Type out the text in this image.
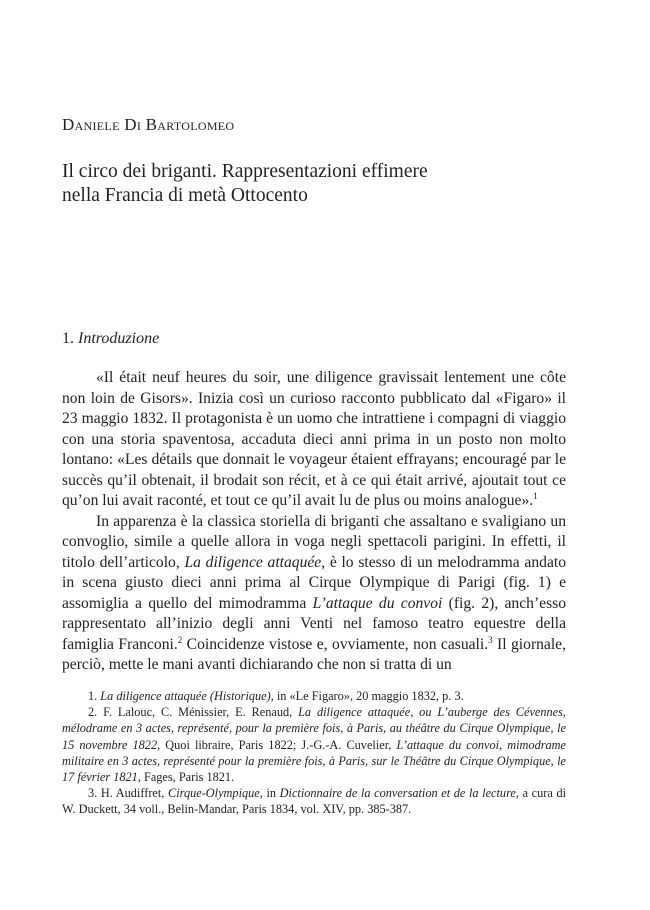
Daniele Di Bartolomeo
Il circo dei briganti. Rappresentazioni effimere
nella Francia di metà Ottocento
1. Introduzione

«Il était neuf heures du soir, une diligence gravissait lentement une côte non loin de Gisors». Inizia così un curioso racconto pubblicato dal «Figaro» il 23 maggio 1832. Il protagonista è un uomo che intrattiene i compagni di viaggio con una storia spaventosa, accaduta dieci anni prima in un posto non molto lontano: «Les détails que donnait le voyageur étaient effrayans; encouragé par le succès qu’il obtenait, il brodait son récit, et à ce qui était arrivé, ajoutait tout ce qu’on lui avait raconté, et tout ce qu’il avait lu de plus ou moins analogue».$^1$

In apparenza è la classica storiella di briganti che assaltano e svaligiano un convoglio, simile a quelle allora in voga negli spettacoli parigini. In effetti, il titolo dell’articolo, La diligence attaquée, è lo stesso di un melodramma andato in scena giusto dieci anni prima al Cirque Olympique di Parigi (fig. 1) e assomiglia a quello del mimodramma L’attaque du convoi (fig. 2), anch’esso rappresentato all’inizio degli anni Venti nel famoso teatro equestre della famiglia Franconi.$^2$ Coincidenze vistose e, ovviamente, non casuali.$^3$ Il giornale, perciò, mette le mani avanti dichiarando che non si tratta di un

1. La diligence attaquée (Historique), in «Le Figaro», 20 maggio 1832, p. 3.

2. F. Lalouc, C. Ménissier, E. Renaud, La diligence attaquée, ou L’auberge des Cévennes, mélodrame en 3 actes, représenté, pour la première fois, à Paris, au théâtre du Cirque Olympique, le 15 novembre 1822, Quoi libraire, Paris 1822; J.-G.-A. Cuvelier, L’attaque du convoi, mimodrame militaire en 3 actes, représenté pour la première fois, à Paris, sur le Théâtre du Cirque Olympique, le 17 février 1821, Fages, Paris 1821.

3. H. Audiffret, Cirque-Olympique, in Dictionnaire de la conversation et de la lecture, a cura di W. Duckett, 34 voll., Belin-Mandar, Paris 1834, vol. XIV, pp. 385-387.
